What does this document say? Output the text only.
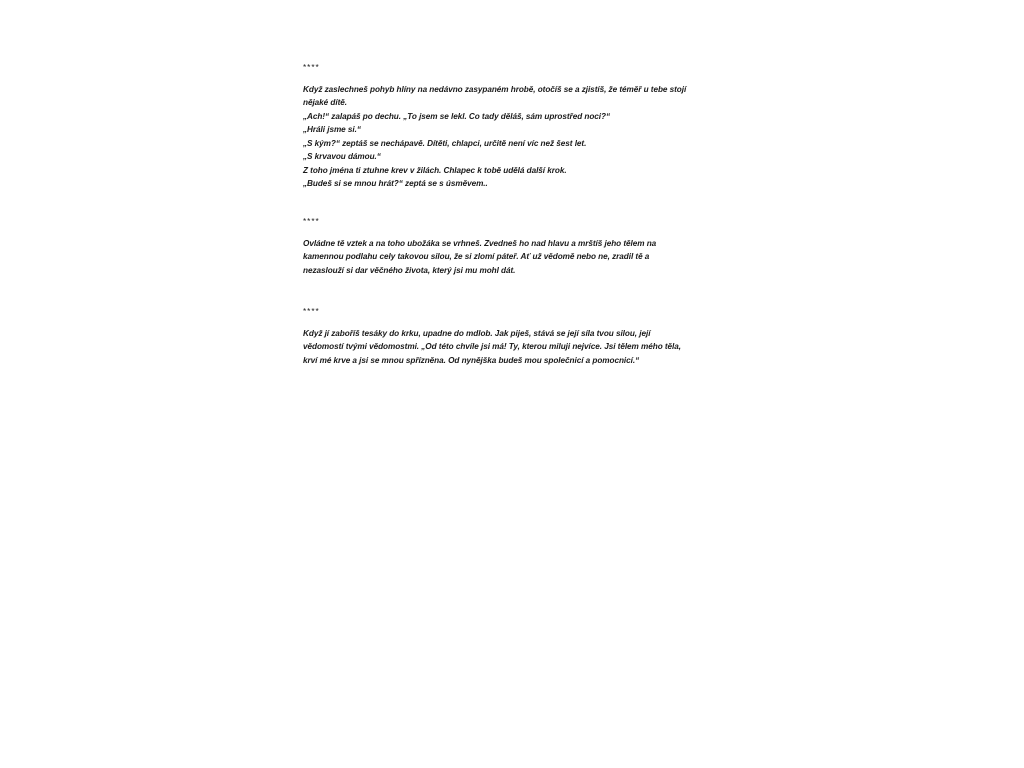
****
Když zaslechneš pohyb hlíny na nedávno zasypaném hrobě, otočíš se a zjistíš, že téměř u tebe stojí
nějaké dítě.
„Ach!“ zalapáš po dechu. „To jsem se lekl. Co tady děláš, sám uprostřed noci?“
„Hráli jsme si.“
„S kým?“ zeptáš se nechápavě. Dítěti, chlapci, určitě není víc než šest let.
„S krvavou dámou.“
Z toho jména ti ztuhne krev v žilách. Chlapec k tobě udělá další krok.
„Budeš si se mnou hrát?“ zeptá se s úsměvem..
****
Ovládne tě vztek a na toho ubožáka se vrhneš. Zvedneš ho nad hlavu a mrštíš jeho tělem na
kamennou podlahu cely takovou silou, že si zlomí páteř. Ať už vědomě nebo ne, zradil tě a
nezaslouží si dar věčného života, který jsi mu mohl dát.
****
Když jí zaboříš tesáky do krku, upadne do mdlob. Jak piješ, stává se její síla tvou silou, její
vědomostí tvými vědomostmi. „Od této chvíle jsi má! Ty, kterou miluji nejvíce. Jsi tělem mého těla,
krví mé krve a jsi se mnou spřízněna. Od nynějška budeš mou společnicí a pomocnicí.“
